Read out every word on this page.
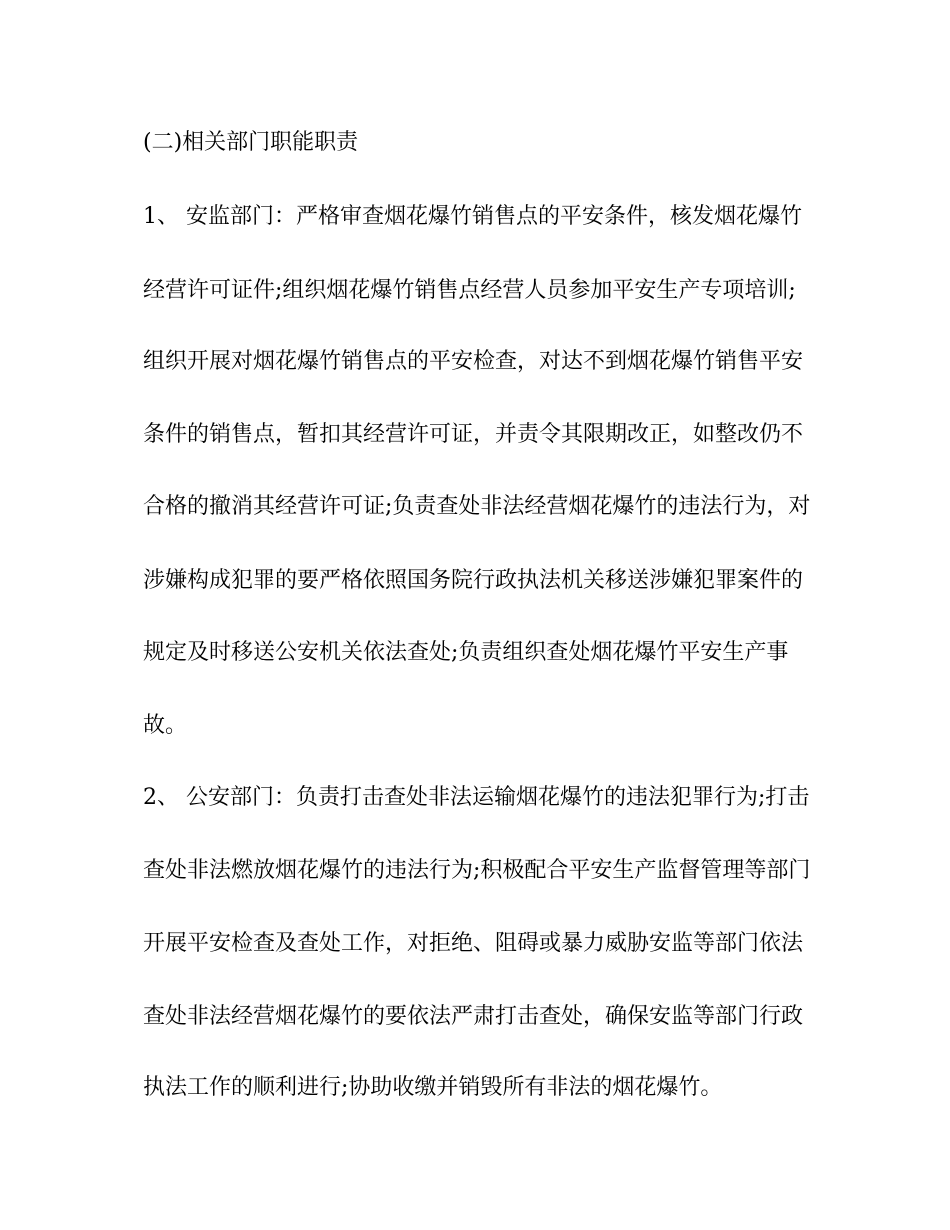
(二)相关部门职能职责
1、 安监部门：严格审查烟花爆竹销售点的平安条件，核发烟花爆竹
经营许可证件;组织烟花爆竹销售点经营人员参加平安生产专项培训;
组织开展对烟花爆竹销售点的平安检查，对达不到烟花爆竹销售平安
条件的销售点，暂扣其经营许可证，并责令其限期改正，如整改仍不
合格的撤消其经营许可证;负责查处非法经营烟花爆竹的违法行为，对
涉嫌构成犯罪的要严格依照国务院行政执法机关移送涉嫌犯罪案件的
规定及时移送公安机关依法查处;负责组织查处烟花爆竹平安生产事
故。
2、 公安部门：负责打击查处非法运输烟花爆竹的违法犯罪行为;打击
查处非法燃放烟花爆竹的违法行为;积极配合平安生产监督管理等部门
开展平安检查及查处工作，对拒绝、阻碍或暴力威胁安监等部门依法
查处非法经营烟花爆竹的要依法严肃打击查处，确保安监等部门行政
执法工作的顺利进行;协助收缴并销毁所有非法的烟花爆竹。
